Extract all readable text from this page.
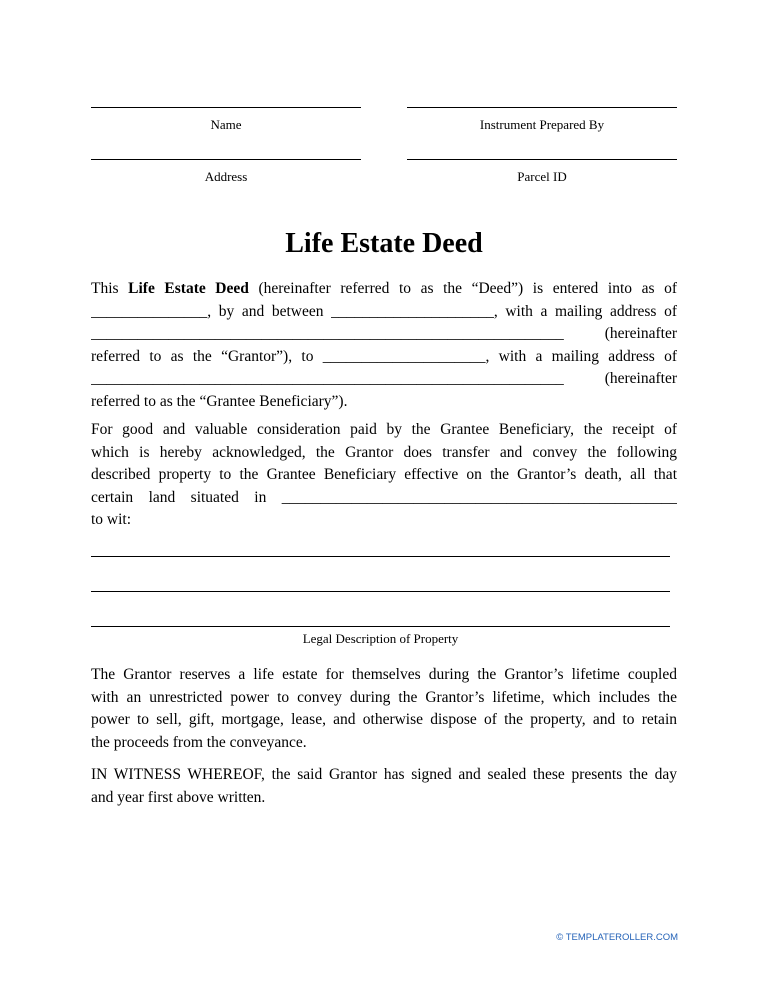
Name	Instrument Prepared By
Address	Parcel ID
Life Estate Deed
This Life Estate Deed (hereinafter referred to as the “Deed”) is entered into as of
_______________, by and between _____________________, with a mailing address of
_____________________________________________________________ (hereinafter
referred to as the “Grantor”), to _____________________, with a mailing address of
_____________________________________________________________ (hereinafter
referred to as the “Grantee Beneficiary”).
For good and valuable consideration paid by the Grantee Beneficiary, the receipt of
which is hereby acknowledged, the Grantor does transfer and convey the following
described property to the Grantee Beneficiary effective on the Grantor’s death, all that
certain land situated in ___________________________________________________
to wit:
Legal Description of Property
The Grantor reserves a life estate for themselves during the Grantor’s lifetime coupled
with an unrestricted power to convey during the Grantor’s lifetime, which includes the
power to sell, gift, mortgage, lease, and otherwise dispose of the property, and to retain
the proceeds from the conveyance.
IN WITNESS WHEREOF, the said Grantor has signed and sealed these presents the day
and year first above written.
© TEMPLATEROLLER.COM
